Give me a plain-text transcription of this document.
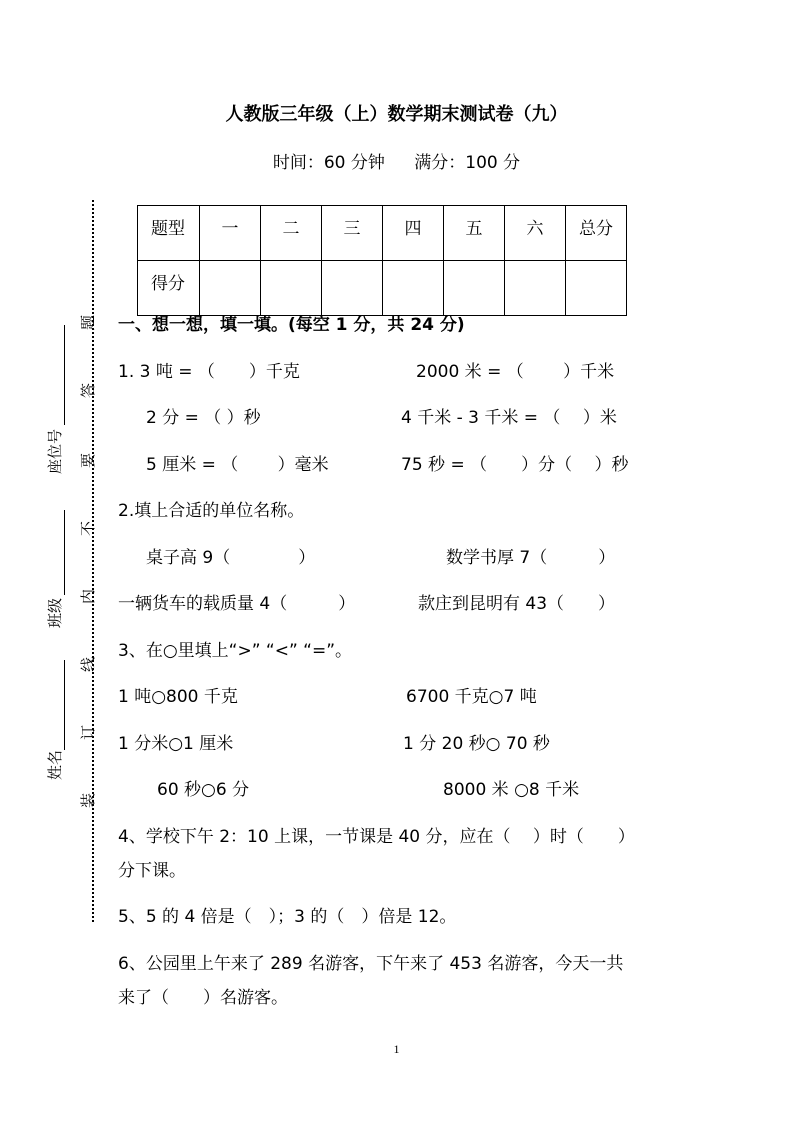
人教版三年级（上）数学期末测试卷（九）
时间：60 分钟 满分：100 分
题型	一	二	三	四	五	六	总分
得分							
题
答
要
不
内
线
订
装
座位号
班级
姓名
一、想一想，填一填。(每空 1 分，共 24 分)
1. 3 吨 = （　　）千克	2000 米 = （　　 ）千米
2 分 = （ ）秒	4 千米 - 3 千米 = （　 ）米
5 厘米 = （　　 ）毫米	75 秒 = （　　）分（　 ）秒
2.填上合适的单位名称。
桌子高 9（　　　　）	数学书厚 7（　　　）
一辆货车的载质量 4（　　　）	款庄到昆明有 43（　　）
3、在○里填上“>” “<” “=”。
1 吨○800 千克	6700 千克○7 吨
1 分米○1 厘米	1 分 20 秒○ 70 秒
60 秒○6 分	8000 米 ○8 千米
4、学校下午 2：10 上课，一节课是 40 分，应在（　 ）时（　　）
分下课。
5、5 的 4 倍是（　）；3 的（　）倍是 12。
6、公园里上午来了 289 名游客，下午来了 453 名游客，今天一共
来了（　　）名游客。
1
